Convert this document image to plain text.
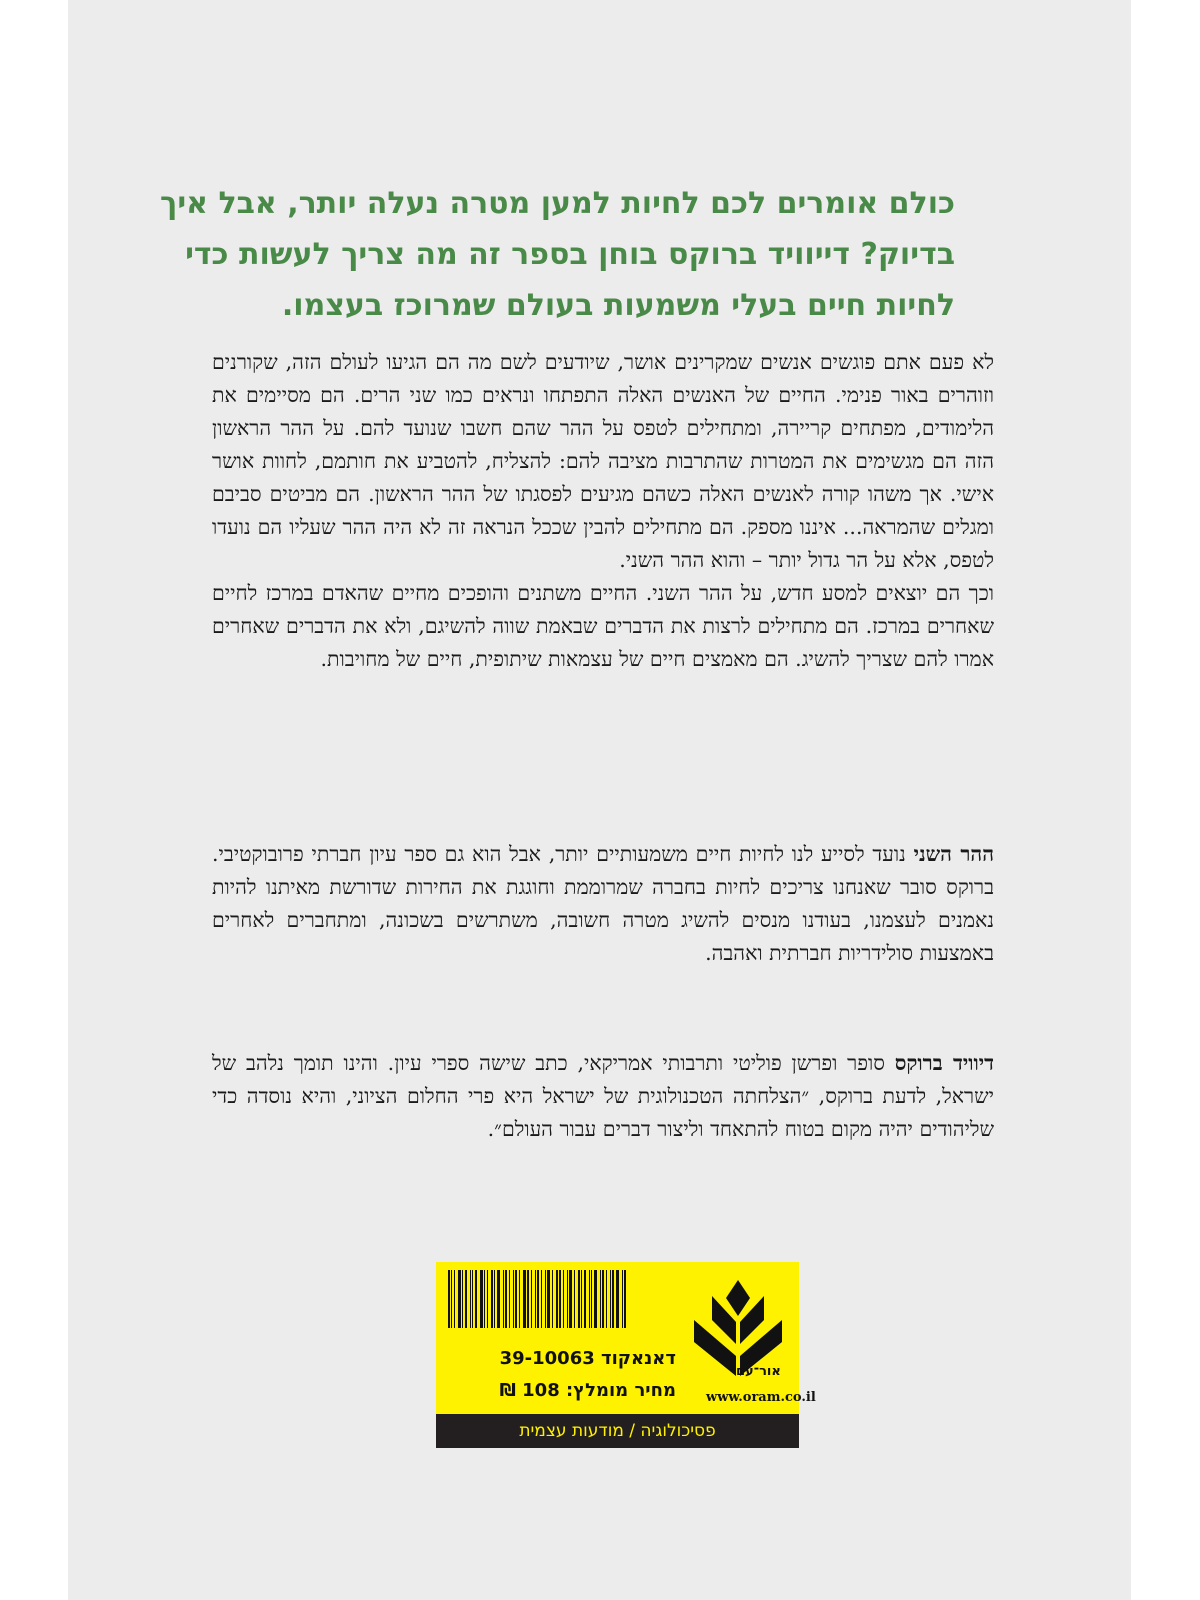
כולם אומרים לכם לחיות למען מטרה נעלה יותר, אבל איך בדיוק? דייוויד ברוקס בוחן בספר זה מה צריך לעשות כדי לחיות חיים בעלי משמעות בעולם שמרוכז בעצמו.

לא פעם אתם פוגשים אנשים שמקרינים אושר, שיודעים לשם מה הם הגיעו לעולם הזה, שקורנים וזוהרים באור פנימי. החיים של האנשים האלה התפתחו ונראים כמו שני הרים. הם מסיימים את הלימודים, מפתחים קריירה, ומתחילים לטפס על ההר שהם חשבו שנועד להם. על ההר הראשון הזה הם מגשימים את המטרות שהתרבות מציבה להם: להצליח, להטביע את חותמם, לחוות אושר אישי. אך משהו קורה לאנשים האלה כשהם מגיעים לפסגתו של ההר הראשון. הם מביטים סביבם ומגלים שהמראה... איננו מספק. הם מתחילים להבין שככל הנראה זה לא היה ההר שעליו הם נועדו לטפס, אלא על הר גדול יותר – והוא ההר השני.

וכך הם יוצאים למסע חדש, על ההר השני. החיים משתנים והופכים מחיים שהאדם במרכז לחיים שאחרים במרכז. הם מתחילים לרצות את הדברים שבאמת שווה להשיגם, ולא את הדברים שאחרים אמרו להם שצריך להשיג. הם מאמצים חיים של עצמאות שיתופית, חיים של מחויבות.

ההר השני נועד לסייע לנו לחיות חיים משמעותיים יותר, אבל הוא גם ספר עיון חברתי פרובוקטיבי. ברוקס סובר שאנחנו צריכים לחיות בחברה שמרוממת וחוגגת את החירות שדורשת מאיתנו להיות נאמנים לעצמנו, בעודנו מנסים להשיג מטרה חשובה, משתרשים בשכונה, ומתחברים לאחרים באמצעות סולידריות חברתית ואהבה.

דיוויד ברוקס סופר ופרשן פוליטי ותרבותי אמריקאי, כתב שישה ספרי עיון. והינו תומך נלהב של ישראל, לדעת ברוקס, ״הצלחתה הטכנולוגית של ישראל היא פרי החלום הציוני, והיא נוסדה כדי שליהודים יהיה מקום בטוח להתאחד וליצור דברים עבור העולם״.

דאנאקוד 39-10063
מחיר מומלץ: 108 ₪
אור־עם
www.oram.co.il
פסיכולוגיה / מודעות עצמית
